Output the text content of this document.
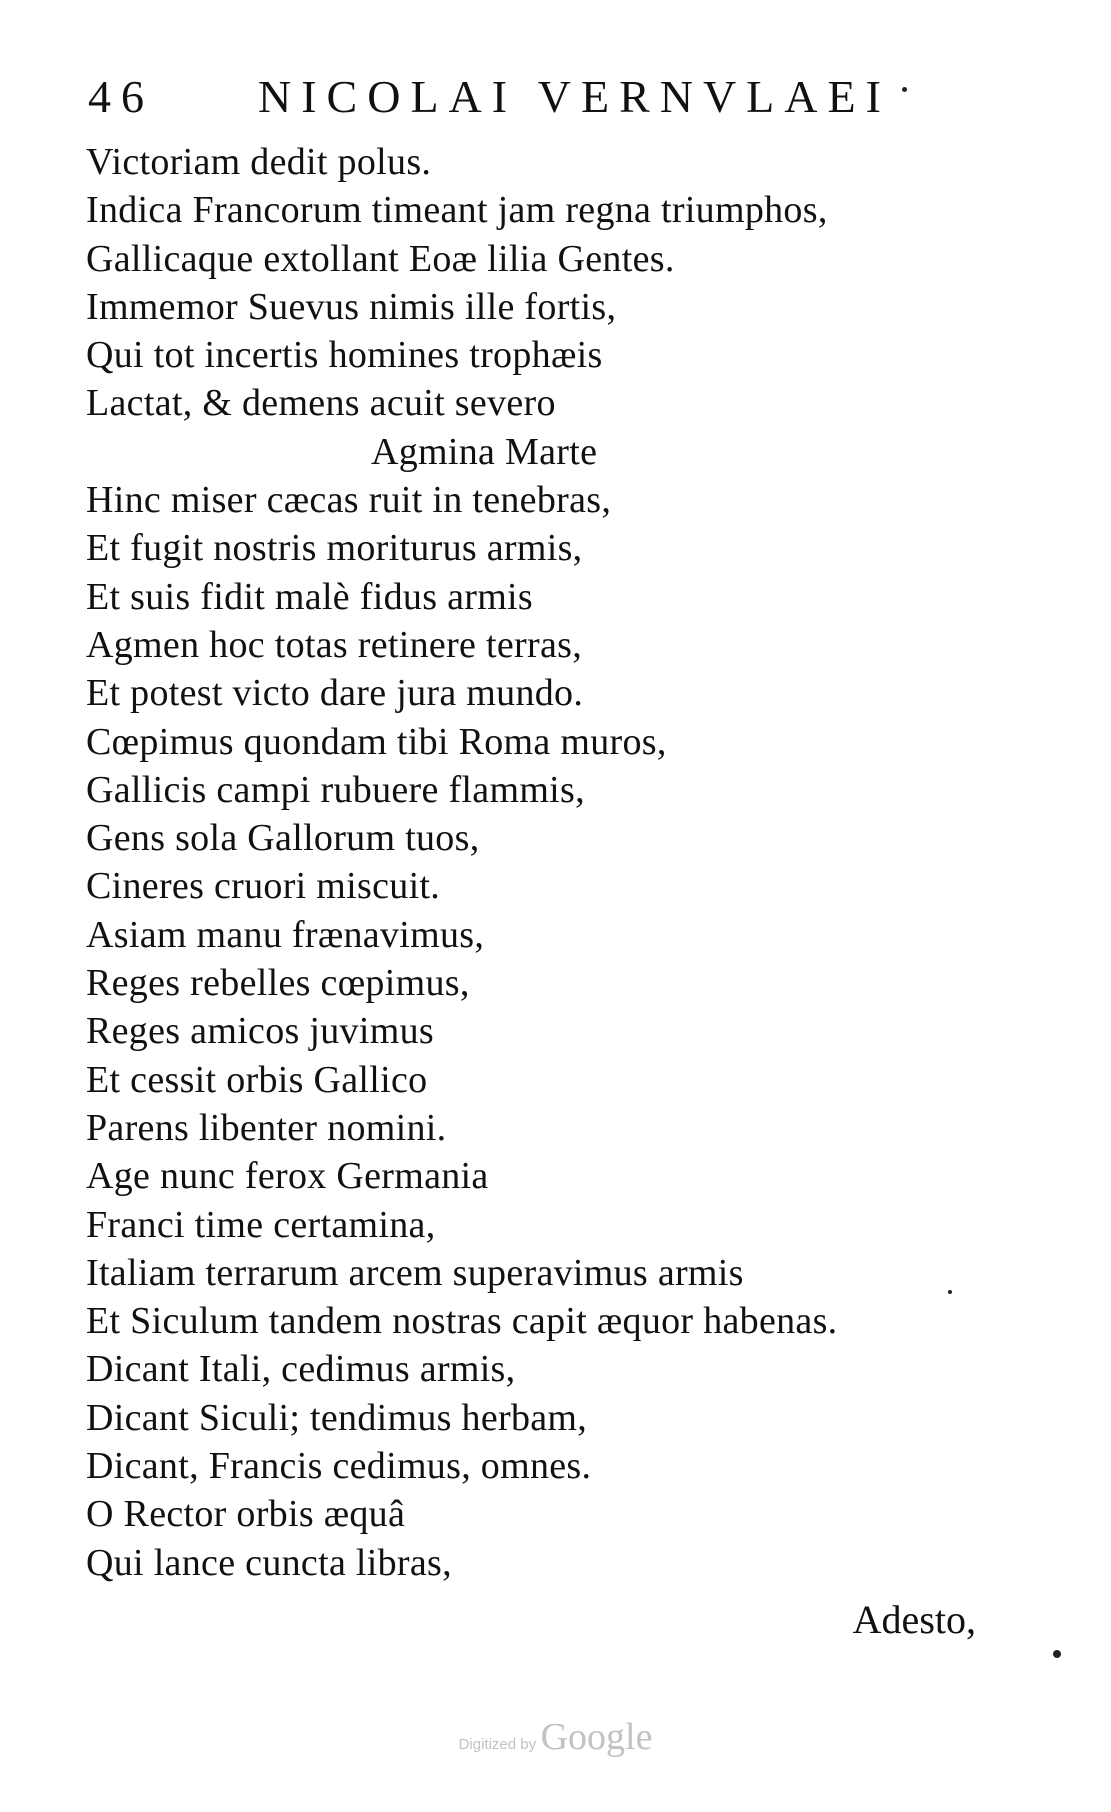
46 NICOLAI VERNVLAEI
Victoriam dedit polus.
Indica Francorum timeant jam regna triumphos,
Gallicaque extollant Eoæ lilia Gentes.
Immemor Suevus nimis ille fortis,
Qui tot incertis homines trophæis
Lactat, & demens acuit severo
Agmina Marte
Hinc miser cæcas ruit in tenebras,
Et fugit nostris moriturus armis,
Et suis fidit malè fidus armis
Agmen hoc totas retinere terras,
Et potest victo dare jura mundo.
Cœpimus quondam tibi Roma muros,
Gallicis campi rubuere flammis,
Gens sola Gallorum tuos,
Cineres cruori miscuit.
Asiam manu frænavimus,
Reges rebelles cœpimus,
Reges amicos juvimus
Et cessit orbis Gallico
Parens libenter nomini.
Age nunc ferox Germania
Franci time certamina,
Italiam terrarum arcem superavimus armis
Et Siculum tandem nostras capit æquor habenas.
Dicant Itali, cedimus armis,
Dicant Siculi; tendimus herbam,
Dicant, Francis cedimus, omnes.
O Rector orbis æquâ
Qui lance cuncta libras,
Adesto,
Digitized by Google
